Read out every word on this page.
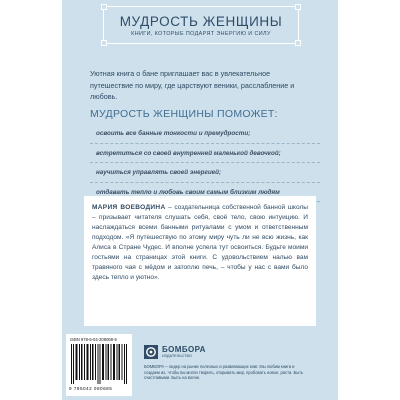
МУДРОСТЬ ЖЕНЩИНЫ
КНИГИ, КОТОРЫЕ ПОДАРЯТ ЭНЕРГИЮ И СИЛУ
Уютная книга о бане приглашает вас в увлекательное путешествие по миру, где царствуют веники, расслабление и любовь.
МУДРОСТЬ ЖЕНЩИНЫ ПОМОЖЕТ:
освоить все банные тонкости и премудрости;
встретиться со своей внутренней маленькой девочкой;
научиться управлять своей энергией;
отдавать тепло и любовь своим самым близким людям
МАРИЯ ВОЕВОДИНА – создательница собственной банной школы – призывает читателя слушать себя, своё тело, свою интуицию. И наслаждаться всеми банными ритуалами с умом и ответственным подходом. «Я путешествую по этому миру чуть ли не всю жизнь, как Алиса в Стране Чудес. И вполне успела тут освоиться. Будьте моими гостьями на страницах этой книги. С удовольствием налью вам травяного чая с мёдом и затоплю печь, – чтобы у нас с вами было здесь тепло и уютно».
ISBN 978-5-04-208068-5
9 785042 080685
БОМБОРА
ИЗДАТЕЛЬСТВО
БОМБОРА – лидер на рынке полезных и развивающих книг. Мы любим книги и создаем их, чтобы вы могли творить, открывать мир, пробовать новое, расти. Быть счастливыми. Быть на волне.
